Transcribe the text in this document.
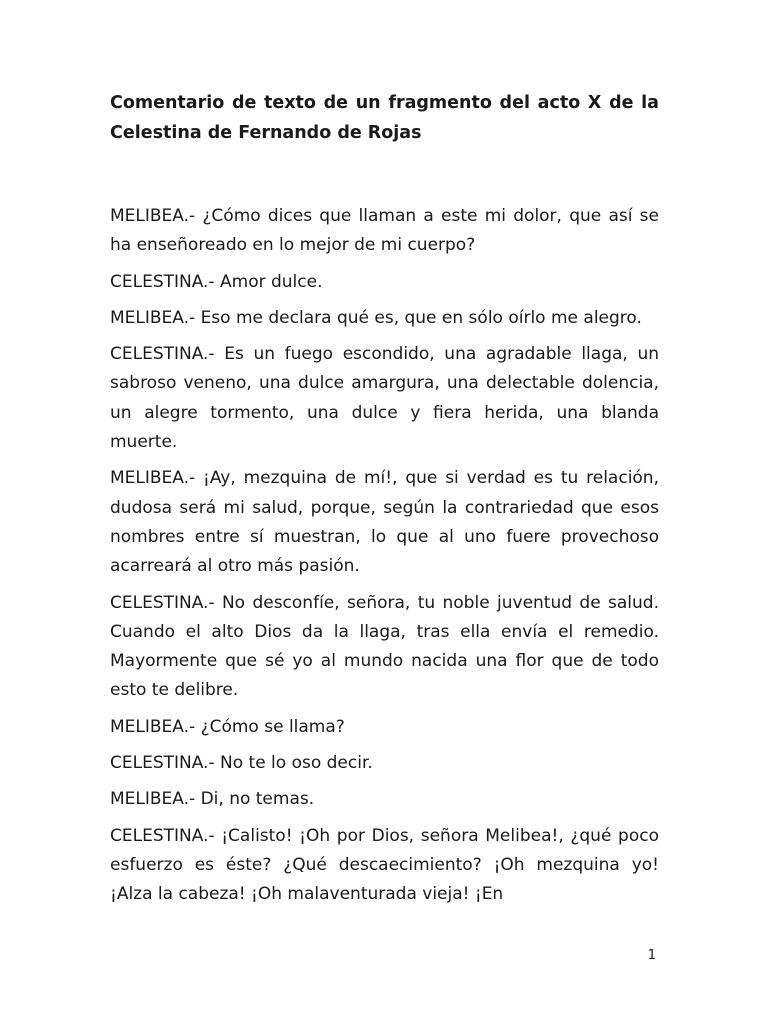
Comentario de texto de un fragmento del acto X de la Celestina de Fernando de Rojas

MELIBEA.- ¿Cómo dices que llaman a este mi dolor, que así se ha enseñoreado en lo mejor de mi cuerpo?

CELESTINA.- Amor dulce.

MELIBEA.- Eso me declara qué es, que en sólo oírlo me alegro.

CELESTINA.- Es un fuego escondido, una agradable llaga, un sabroso veneno, una dulce amargura, una delectable dolencia, un alegre tormento, una dulce y fiera herida, una blanda muerte.

MELIBEA.- ¡Ay, mezquina de mí!, que si verdad es tu relación, dudosa será mi salud, porque, según la contrariedad que esos nombres entre sí muestran, lo que al uno fuere provechoso acarreará al otro más pasión.

CELESTINA.- No desconfíe, señora, tu noble juventud de salud. Cuando el alto Dios da la llaga, tras ella envía el remedio. Mayormente que sé yo al mundo nacida una flor que de todo esto te delibre.

MELIBEA.- ¿Cómo se llama?

CELESTINA.- No te lo oso decir.

MELIBEA.- Di, no temas.

CELESTINA.- ¡Calisto! ¡Oh por Dios, señora Melibea!, ¿qué poco esfuerzo es éste? ¿Qué descaecimiento? ¡Oh mezquina yo! ¡Alza la cabeza! ¡Oh malaventurada vieja! ¡En

1
